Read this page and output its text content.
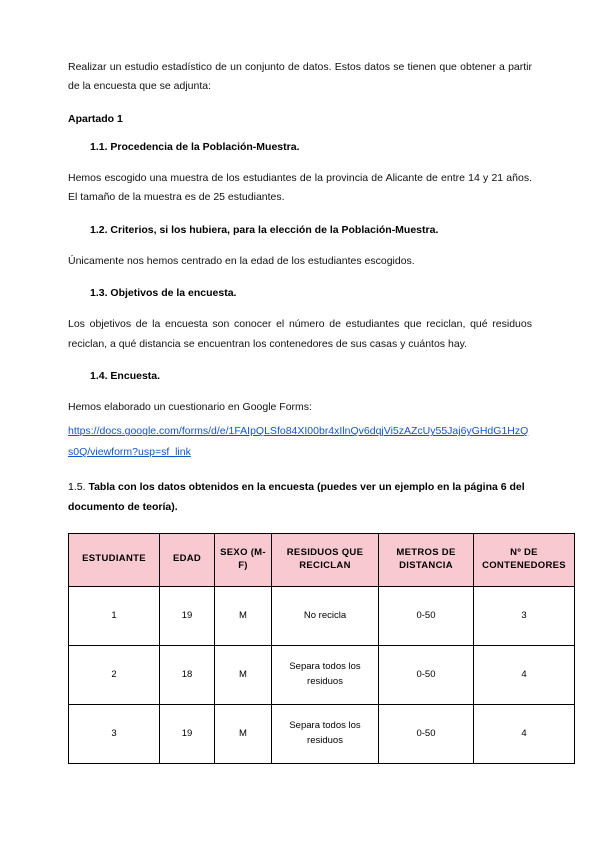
Realizar un estudio estadístico de un conjunto de datos. Estos datos se tienen que obtener a partir de la encuesta que se adjunta:

Apartado 1

1.1. Procedencia de la Población-Muestra.

Hemos escogido una muestra de los estudiantes de la provincia de Alicante de entre 14 y 21 años. El tamaño de la muestra es de 25 estudiantes.

1.2. Criterios, si los hubiera, para la elección de la Población-Muestra.

Únicamente nos hemos centrado en la edad de los estudiantes escogidos.

1.3. Objetivos de la encuesta.

Los objetivos de la encuesta son conocer el número de estudiantes que reciclan, qué residuos reciclan, a qué distancia se encuentran los contenedores de sus casas y cuántos hay.

1.4. Encuesta.

Hemos elaborado un cuestionario en Google Forms:

https://docs.google.com/forms/d/e/1FAIpQLSfo84XI00br4xIlnQv6dqjVi5zAZcUy55Jaj6yGHdG1HzQs0Q/viewform?usp=sf_link

1.5. Tabla con los datos obtenidos en la encuesta (puedes ver un ejemplo en la página 6 del documento de teoría).

ESTUDIANTE	EDAD	SEXO (M-F)	RESIDUOS QUE RECICLAN	METROS DE DISTANCIA	Nº DE CONTENEDORES
1	19	M	No recicla	0-50	3
2	18	M	Separa todos los residuos	0-50	4
3	19	M	Separa todos los residuos	0-50	4
